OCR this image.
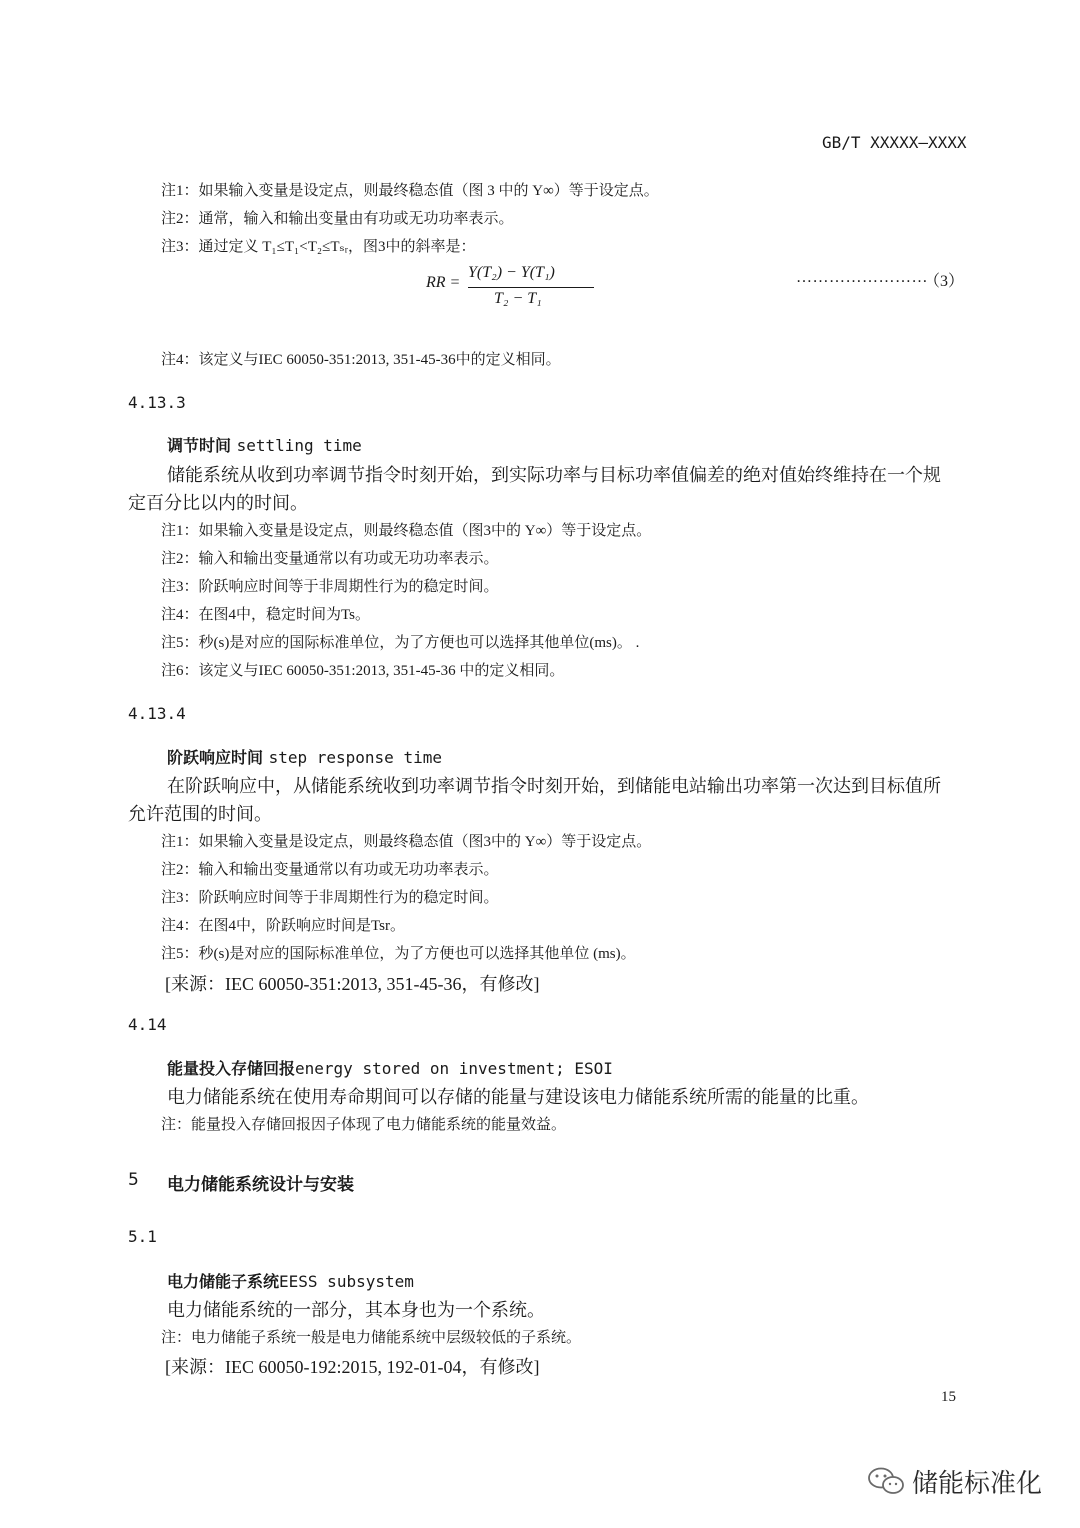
GB/T XXXXX—XXXX
注1：如果输入变量是设定点，则最终稳态值（图 3 中的 Y∞）等于设定点。
注2：通常，输入和输出变量由有功或无功功率表示。
注3：通过定义 T₁≤T₁<T₂≤Tₛᵣ，图3中的斜率是：
RR =
Y(T₂) − Y(T₁)
T₂ − T₁
……………………
（3）
注4：该定义与IEC 60050-351:2013, 351-45-36中的定义相同。
4.13.3
调节时间 settling time
储能系统从收到功率调节指令时刻开始，到实际功率与目标功率值偏差的绝对值始终维持在一个规
定百分比以内的时间。
注1：如果输入变量是设定点，则最终稳态值（图3中的 Y∞）等于设定点。
注2：输入和输出变量通常以有功或无功功率表示。
注3：阶跃响应时间等于非周期性行为的稳定时间。
注4：在图4中，稳定时间为Ts。
注5：秒(s)是对应的国际标准单位，为了方便也可以选择其他单位(ms)。 .
注6：该定义与IEC 60050-351:2013, 351-45-36 中的定义相同。
4.13.4
阶跃响应时间 step response time
在阶跃响应中，从储能系统收到功率调节指令时刻开始，到储能电站输出功率第一次达到目标值所
允许范围的时间。
注1：如果输入变量是设定点，则最终稳态值（图3中的 Y∞）等于设定点。
注2：输入和输出变量通常以有功或无功功率表示。
注3：阶跃响应时间等于非周期性行为的稳定时间。
注4：在图4中，阶跃响应时间是Tsr。
注5：秒(s)是对应的国际标准单位，为了方便也可以选择其他单位 (ms)。
[来源：IEC 60050-351:2013, 351-45-36，有修改]
4.14
能量投入存储回报energy stored on investment; ESOI
电力储能系统在使用寿命期间可以存储的能量与建设该电力储能系统所需的能量的比重。
注：能量投入存储回报因子体现了电力储能系统的能量效益。
5 电力储能系统设计与安装
5.1
电力储能子系统EESS subsystem
电力储能系统的一部分，其本身也为一个系统。
注：电力储能子系统一般是电力储能系统中层级较低的子系统。
[来源：IEC 60050-192:2015, 192-01-04，有修改]
15
储能标准化
